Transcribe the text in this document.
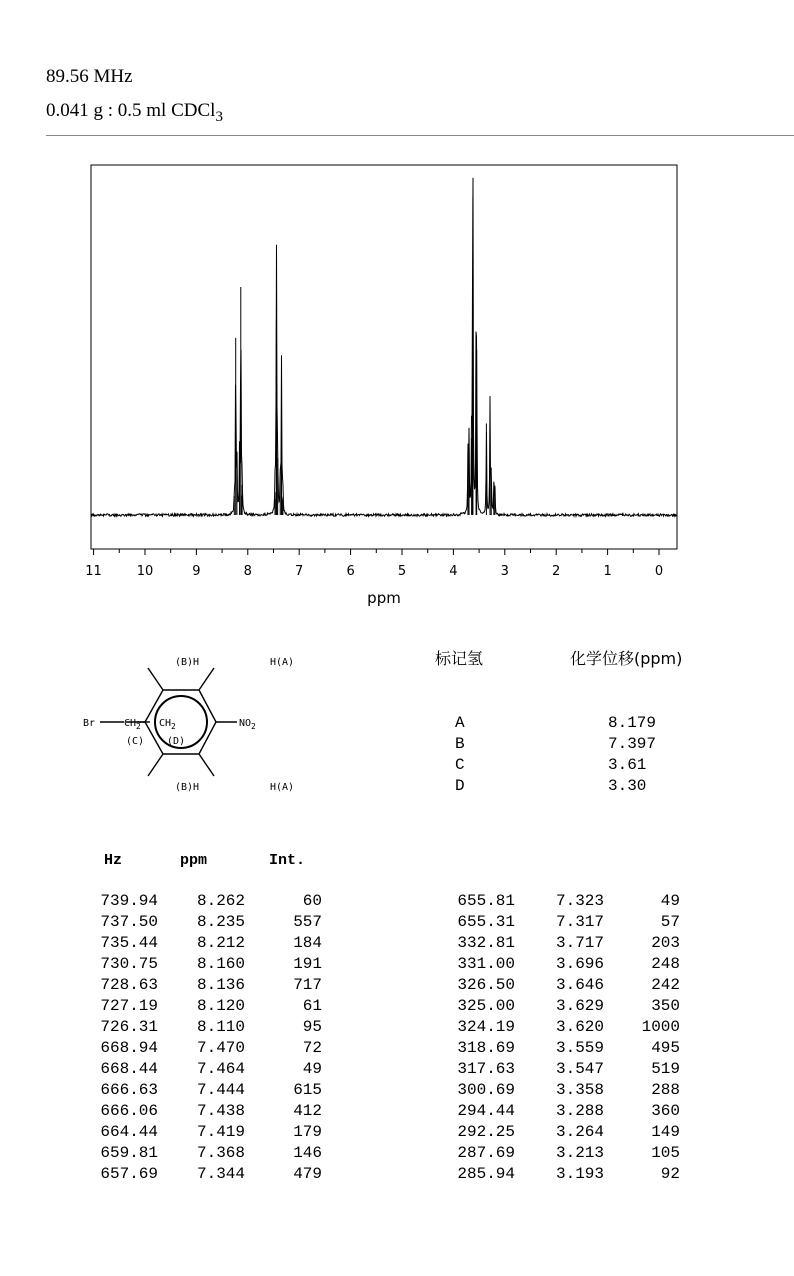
89.56 MHz
0.041 g : 0.5 ml CDCl$_3$
11	10	9	8	7	6	5	4	3	2	1	0
ppm
Br	$CH_2$ $CH_2$	$NO_2$
(C) (D)
(B)H	H(A)
(B)H	H(A)
标记氢	化学位移(ppm)
A	8.179
B	7.397
C	3.61
D	3.30
Hz	ppm	Int.
739.94	8.262	60
737.50	8.235	557
735.44	8.212	184
730.75	8.160	191
728.63	8.136	717
727.19	8.120	61
726.31	8.110	95
668.94	7.470	72
668.44	7.464	49
666.63	7.444	615
666.06	7.438	412
664.44	7.419	179
659.81	7.368	146
657.69	7.344	479
655.81	7.323	49
655.31	7.317	57
332.81	3.717	203
331.00	3.696	248
326.50	3.646	242
325.00	3.629	350
324.19	3.620	1000
318.69	3.559	495
317.63	3.547	519
300.69	3.358	288
294.44	3.288	360
292.25	3.264	149
287.69	3.213	105
285.94	3.193	92
